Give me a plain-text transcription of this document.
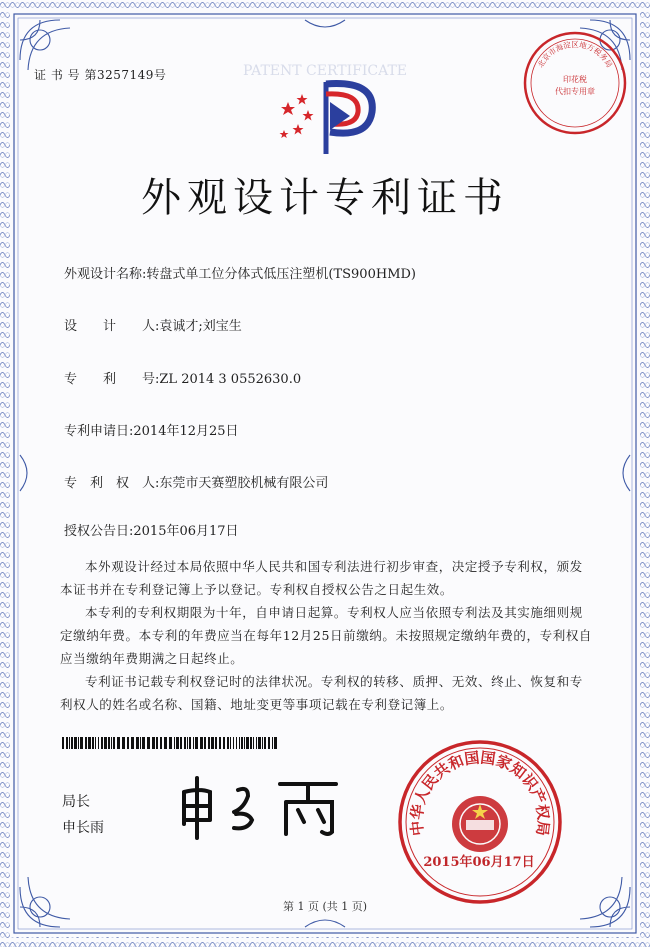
PATENT CERTIFICATE
证 书 号 第3257149号
外观设计专利证书
外观设计名称:转盘式单工位分体式低压注塑机(TS900HMD)
设　　计　　人:袁诚才;刘宝生
专　　利　　号:ZL 2014 3 0552630.0
专利申请日:2014年12月25日
专　利　权　人:东莞市天赛塑胶机械有限公司
授权公告日:2015年06月17日

本外观设计经过本局依照中华人民共和国专利法进行初步审查，决定授予专利权，颁发本证书并在专利登记簿上予以登记。专利权自授权公告之日起生效。

本专利的专利权期限为十年，自申请日起算。专利权人应当依照专利法及其实施细则规定缴纳年费。本专利的年费应当在每年12月25日前缴纳。未按照规定缴纳年费的，专利权自应当缴纳年费期满之日起终止。

专利证书记载专利权登记时的法律状况。专利权的转移、质押、无效、终止、恢复和专利权人的姓名或名称、国籍、地址变更等事项记载在专利登记簿上。

局长
申长雨
北京市海淀区地方税务局
印花税
代扣专用章
中华人民共和国国家知识产权局
2015年06月17日
第 1 页 (共 1 页)
